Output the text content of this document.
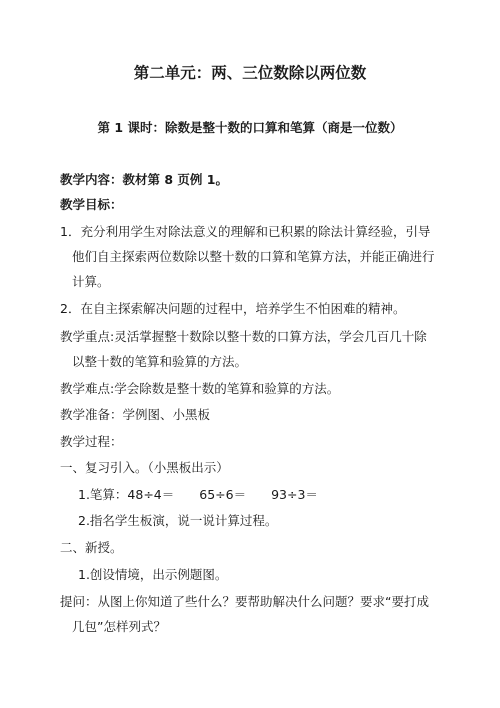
第二单元：两、三位数除以两位数
第 1 课时：除数是整十数的口算和笔算（商是一位数）
教学内容：教材第 8 页例 1。
教学目标：
1．充分利用学生对除法意义的理解和已积累的除法计算经验，引导
他们自主探索两位数除以整十数的口算和笔算方法，并能正确进行
计算。
2．在自主探索解决问题的过程中，培养学生不怕困难的精神。
教学重点:灵活掌握整十数除以整十数的口算方法，学会几百几十除
以整十数的笔算和验算的方法。
教学难点:学会除数是整十数的笔算和验算的方法。
教学准备：学例图、小黑板
教学过程：
一、复习引入。（小黑板出示）
1.笔算：48÷4＝　　65÷6＝　　93÷3＝
2.指名学生板演，说一说计算过程。
二、新授。
1.创设情境，出示例题图。
提问：从图上你知道了些什么？要帮助解决什么问题？要求“要打成
几包”怎样列式？
